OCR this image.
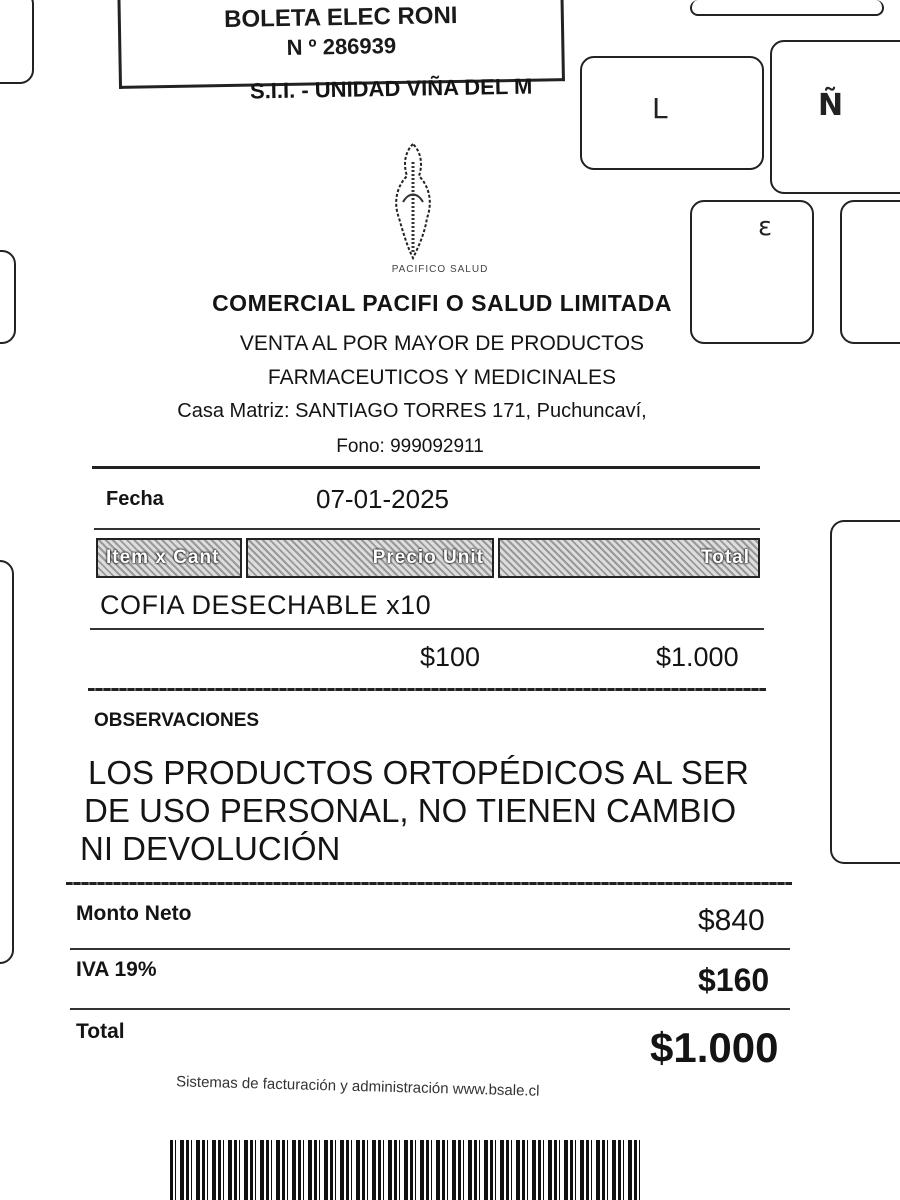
L	Ñ
ε
BOLETA ELEC RONI
N º 286939
S.I.I. - UNIDAD VIÑA DEL M
PACIFICO SALUD
COMERCIAL PACIFI O SALUD LIMITADA
VENTA AL POR MAYOR DE PRODUCTOS
FARMACEUTICOS Y MEDICINALES
Casa Matriz: SANTIAGO TORRES 171, Puchuncaví,
Fono: 999092911
Fecha	07-01-2025
Item x Cant	Precio Unit	Total
COFIA DESECHABLE x10
$100	$1.000
OBSERVACIONES
LOS PRODUCTOS ORTOPÉDICOS AL SER
DE USO PERSONAL, NO TIENEN CAMBIO
NI DEVOLUCIÓN
Monto Neto	$840
IVA 19%	$160
Total	$1.000
Sistemas de facturación y administración www.bsale.cl
